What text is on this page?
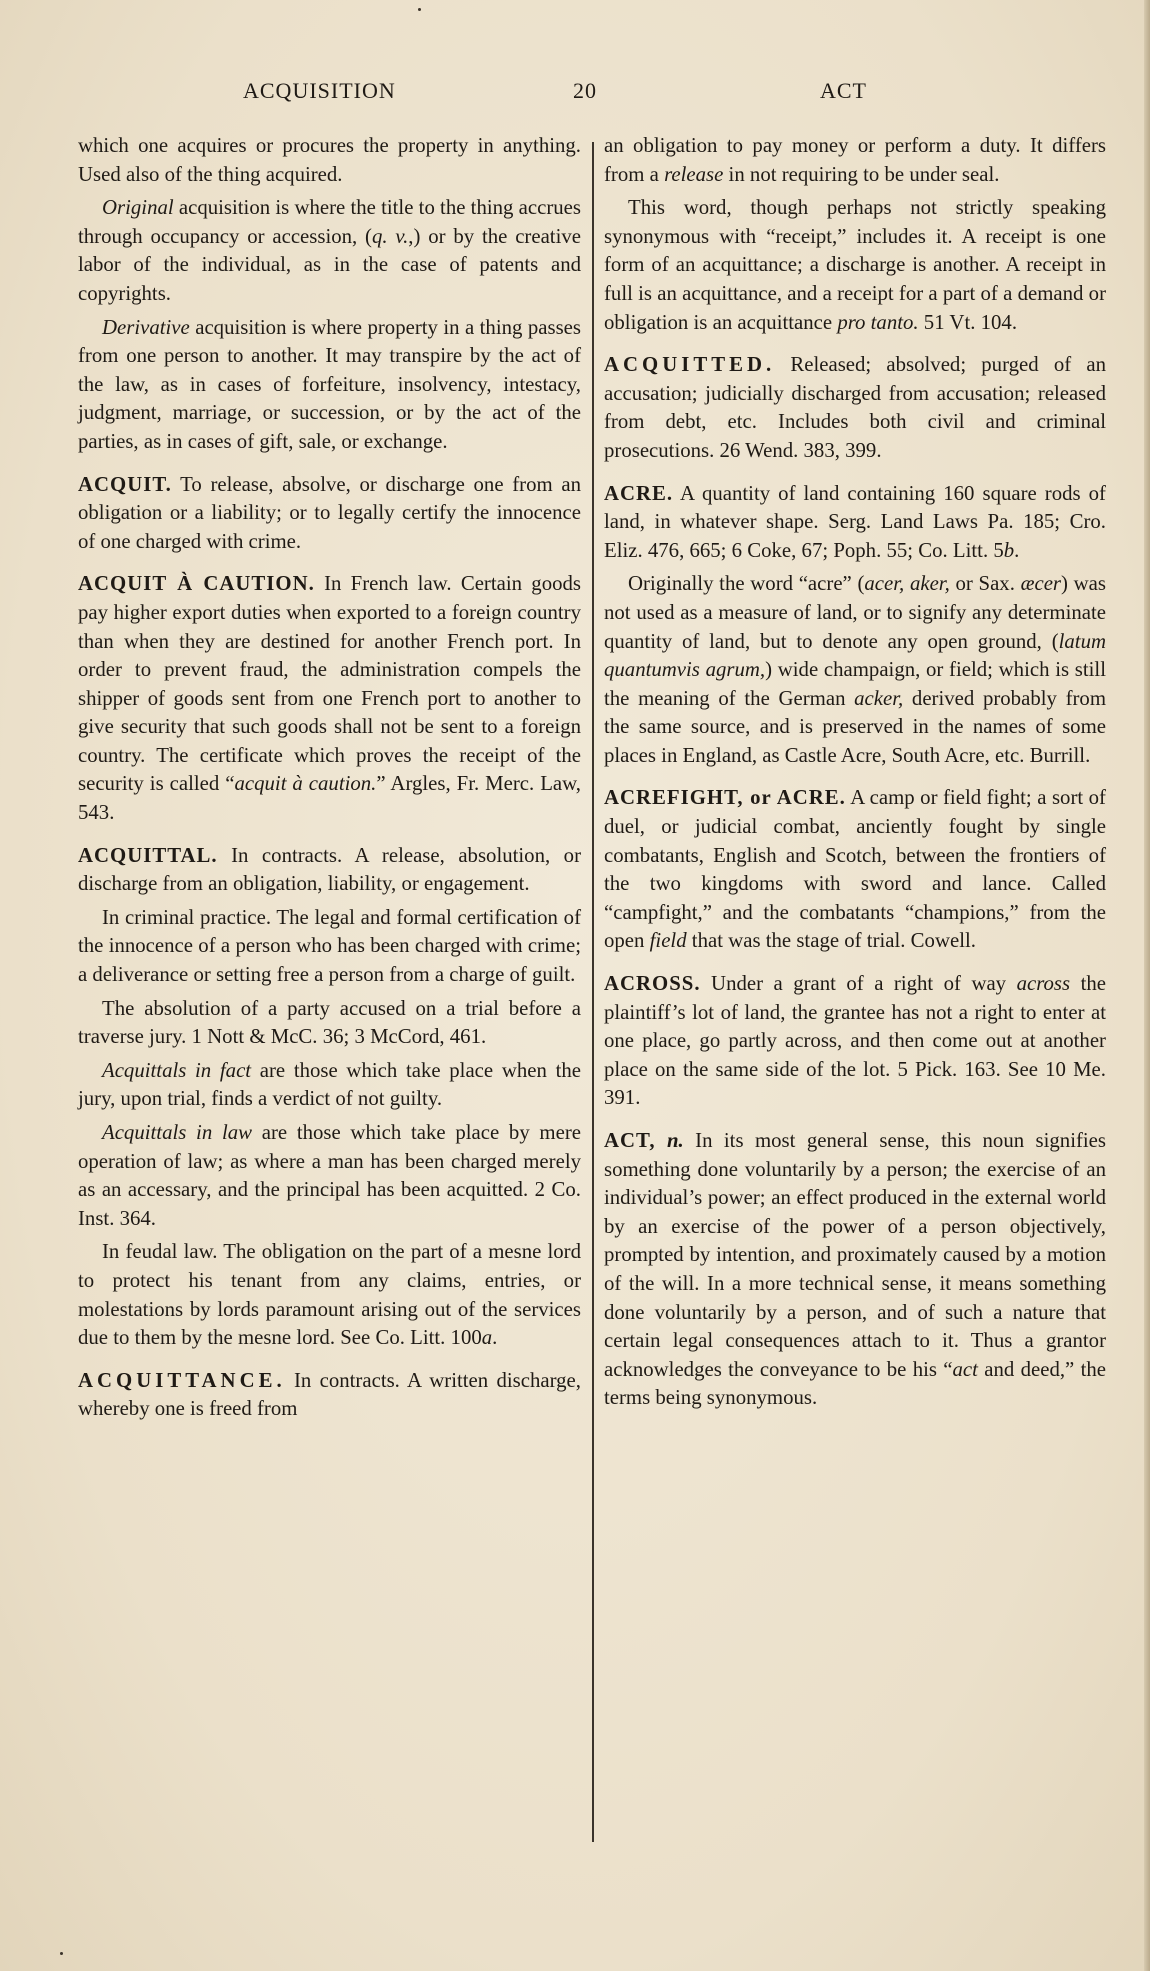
ACQUISITION	20	ACT

which one acquires or procures the property in anything. Used also of the thing acquired.

Original acquisition is where the title to the thing accrues through occupancy or accession, (q. v.,) or by the creative labor of the individual, as in the case of patents and copyrights.

Derivative acquisition is where property in a thing passes from one person to another. It may transpire by the act of the law, as in cases of forfeiture, insolvency, intestacy, judgment, marriage, or succession, or by the act of the parties, as in cases of gift, sale, or exchange.

ACQUIT. To release, absolve, or discharge one from an obligation or a liability; or to legally certify the innocence of one charged with crime.

ACQUIT À CAUTION. In French law. Certain goods pay higher export duties when exported to a foreign country than when they are destined for another French port. In order to prevent fraud, the administration compels the shipper of goods sent from one French port to another to give security that such goods shall not be sent to a foreign country. The certificate which proves the receipt of the security is called “acquit à caution.” Argles, Fr. Merc. Law, 543.

ACQUITTAL. In contracts. A release, absolution, or discharge from an obligation, liability, or engagement.

In criminal practice. The legal and formal certification of the innocence of a person who has been charged with crime; a deliverance or setting free a person from a charge of guilt.

The absolution of a party accused on a trial before a traverse jury. 1 Nott & McC. 36; 3 McCord, 461.

Acquittals in fact are those which take place when the jury, upon trial, finds a verdict of not guilty.

Acquittals in law are those which take place by mere operation of law; as where a man has been charged merely as an accessary, and the principal has been acquitted. 2 Co. Inst. 364.

In feudal law. The obligation on the part of a mesne lord to protect his tenant from any claims, entries, or molestations by lords paramount arising out of the services due to them by the mesne lord. See Co. Litt. 100a.

ACQUITTANCE. In contracts. A written discharge, whereby one is freed from

an obligation to pay money or perform a duty. It differs from a release in not requiring to be under seal.

This word, though perhaps not strictly speaking synonymous with “receipt,” includes it. A receipt is one form of an acquittance; a discharge is another. A receipt in full is an acquittance, and a receipt for a part of a demand or obligation is an acquittance pro tanto. 51 Vt. 104.

ACQUITTED. Released; absolved; purged of an accusation; judicially discharged from accusation; released from debt, etc. Includes both civil and criminal prosecutions. 26 Wend. 383, 399.

ACRE. A quantity of land containing 160 square rods of land, in whatever shape. Serg. Land Laws Pa. 185; Cro. Eliz. 476, 665; 6 Coke, 67; Poph. 55; Co. Litt. 5b.

Originally the word “acre” (acer, aker, or Sax. æcer) was not used as a measure of land, or to signify any determinate quantity of land, but to denote any open ground, (latum quantumvis agrum,) wide champaign, or field; which is still the meaning of the German acker, derived probably from the same source, and is preserved in the names of some places in England, as Castle Acre, South Acre, etc. Burrill.

ACREFIGHT, or ACRE. A camp or field fight; a sort of duel, or judicial combat, anciently fought by single combatants, English and Scotch, between the frontiers of the two kingdoms with sword and lance. Called “campfight,” and the combatants “champions,” from the open field that was the stage of trial. Cowell.

ACROSS. Under a grant of a right of way across the plaintiff’s lot of land, the grantee has not a right to enter at one place, go partly across, and then come out at another place on the same side of the lot. 5 Pick. 163. See 10 Me. 391.

ACT, n. In its most general sense, this noun signifies something done voluntarily by a person; the exercise of an individual’s power; an effect produced in the external world by an exercise of the power of a person objectively, prompted by intention, and proximately caused by a motion of the will. In a more technical sense, it means something done voluntarily by a person, and of such a nature that certain legal consequences attach to it. Thus a grantor acknowledges the conveyance to be his “act and deed,” the terms being synonymous.
